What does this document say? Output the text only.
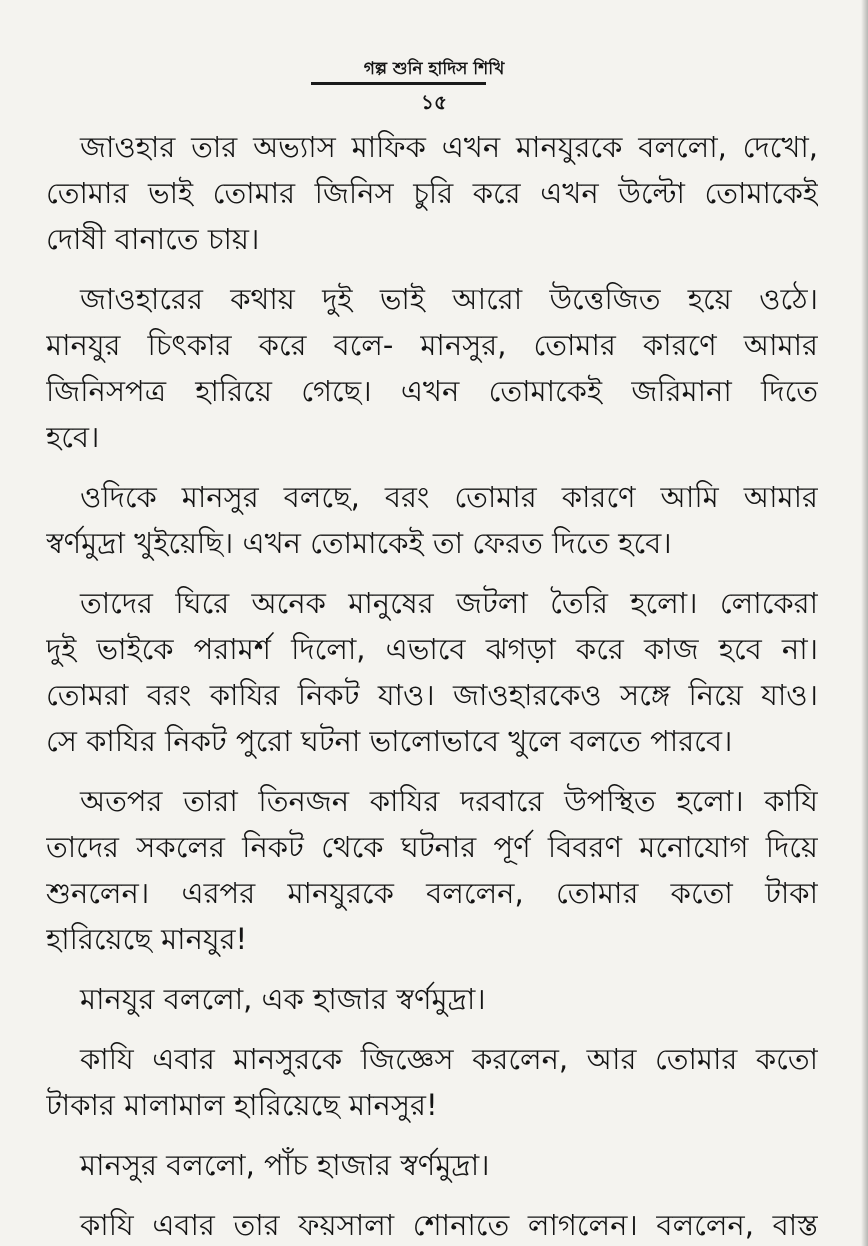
গল্প শুনি হাদিস শিখি
১৫
জাওহার তার অভ্যাস মাফিক এখন মানযুরকে বললো, দেখো,
তোমার ভাই তোমার জিনিস চুরি করে এখন উল্টো তোমাকেই
দোষী বানাতে চায়।
জাওহারের কথায় দুই ভাই আরো উত্তেজিত হয়ে ওঠে।
মানযুর চিৎকার করে বলে- মানসুর, তোমার কারণে আমার
জিনিসপত্র হারিয়ে গেছে। এখন তোমাকেই জরিমানা দিতে
হবে।
ওদিকে মানসুর বলছে, বরং তোমার কারণে আমি আমার
স্বর্ণমুদ্রা খুইয়েছি। এখন তোমাকেই তা ফেরত দিতে হবে।
তাদের ঘিরে অনেক মানুষের জটলা তৈরি হলো। লোকেরা
দুই ভাইকে পরামর্শ দিলো, এভাবে ঝগড়া করে কাজ হবে না।
তোমরা বরং কাযির নিকট যাও। জাওহারকেও সঙ্গে নিয়ে যাও।
সে কাযির নিকট পুরো ঘটনা ভালোভাবে খুলে বলতে পারবে।
অতপর তারা তিনজন কাযির দরবারে উপস্থিত হলো। কাযি
তাদের সকলের নিকট থেকে ঘটনার পূর্ণ বিবরণ মনোযোগ দিয়ে
শুনলেন। এরপর মানযুরকে বললেন, তোমার কতো টাকা
হারিয়েছে মানযুর!
মানযুর বললো, এক হাজার স্বর্ণমুদ্রা।
কাযি এবার মানসুরকে জিজ্ঞেস করলেন, আর তোমার কতো
টাকার মালামাল হারিয়েছে মানসুর!
মানসুর বললো, পাঁচ হাজার স্বর্ণমুদ্রা।
কাযি এবার তার ফয়সালা শোনাতে লাগলেন। বললেন, বাস্ত
